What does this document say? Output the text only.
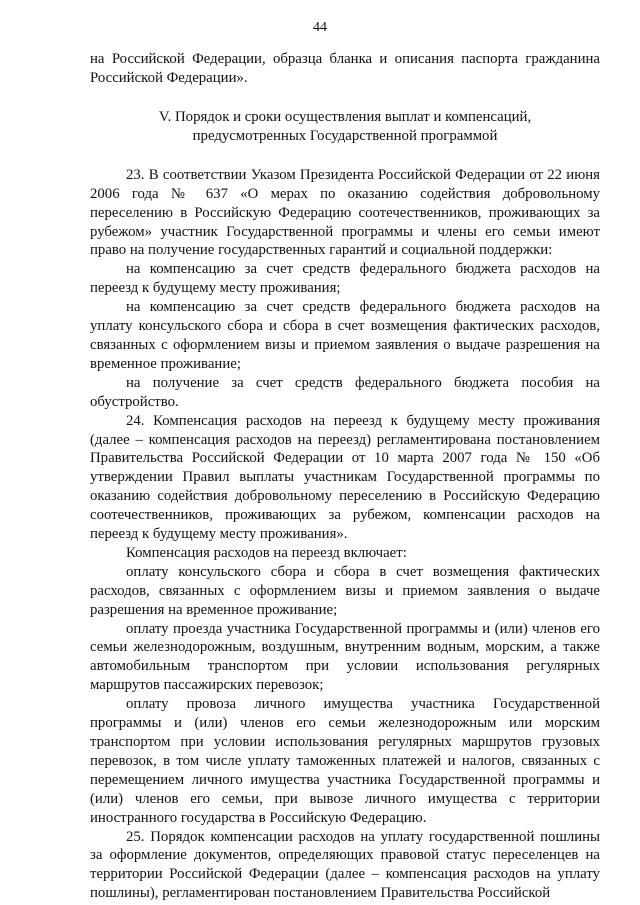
44

на Российской Федерации, образца бланка и описания паспорта гражданина Российской Федерации».

V. Порядок и сроки осуществления выплат и компенсаций,
предусмотренных Государственной программой

23. В соответствии Указом Президента Российской Федерации от 22 июня 2006 года № 637 «О мерах по оказанию содействия добровольному переселению в Российскую Федерацию соотечественников, проживающих за рубежом» участник Государственной программы и члены его семьи имеют право на получение государственных гарантий и социальной поддержки:

на компенсацию за счет средств федерального бюджета расходов на переезд к будущему месту проживания;

на компенсацию за счет средств федерального бюджета расходов на уплату консульского сбора и сбора в счет возмещения фактических расходов, связанных с оформлением визы и приемом заявления о выдаче разрешения на временное проживание;

на получение за счет средств федерального бюджета пособия на обустройство.

24. Компенсация расходов на переезд к будущему месту проживания (далее – компенсация расходов на переезд) регламентирована постановлением Правительства Российской Федерации от 10 марта 2007 года № 150 «Об утверждении Правил выплаты участникам Государственной программы по оказанию содействия добровольному переселению в Российскую Федерацию соотечественников, проживающих за рубежом, компенсации расходов на переезд к будущему месту проживания».

Компенсация расходов на переезд включает:

оплату консульского сбора и сбора в счет возмещения фактических расходов, связанных с оформлением визы и приемом заявления о выдаче разрешения на временное проживание;

оплату проезда участника Государственной программы и (или) членов его семьи железнодорожным, воздушным, внутренним водным, морским, а также автомобильным транспортом при условии использования регулярных маршрутов пассажирских перевозок;

оплату провоза личного имущества участника Государственной программы и (или) членов его семьи железнодорожным или морским транспортом при условии использования регулярных маршрутов грузовых перевозок, в том числе уплату таможенных платежей и налогов, связанных с перемещением личного имущества участника Государственной программы и (или) членов его семьи, при вывозе личного имущества с территории иностранного государства в Российскую Федерацию.

25. Порядок компенсации расходов на уплату государственной пошлины за оформление документов, определяющих правовой статус переселенцев на территории Российской Федерации (далее – компенсация расходов на уплату пошлины), регламентирован постановлением Правительства Российской
